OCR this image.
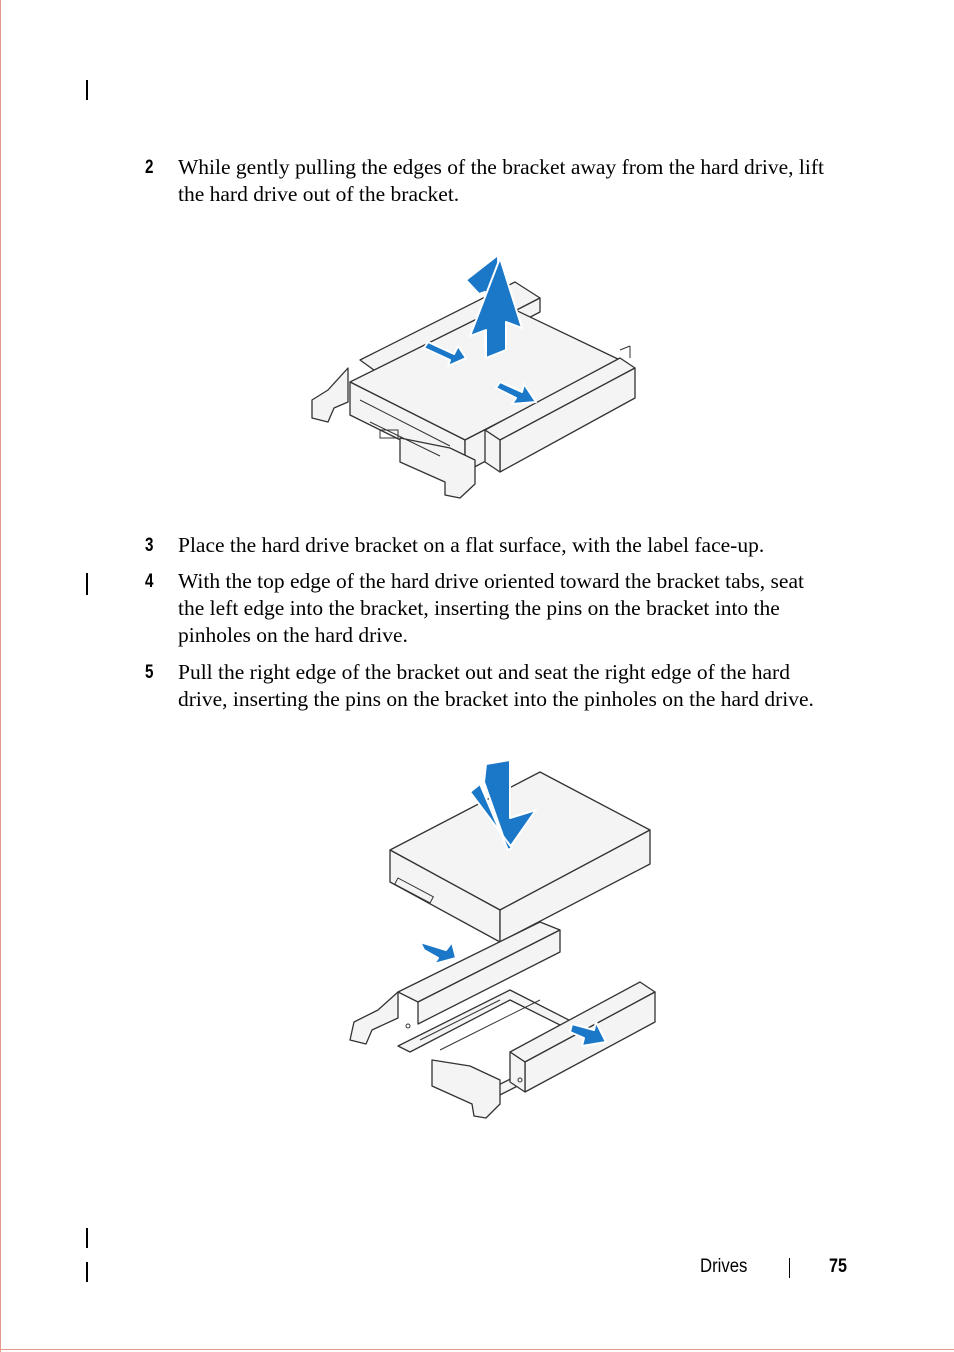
2 While gently pulling the edges of the bracket away from the hard drive, lift
the hard drive out of the bracket.
3 Place the hard drive bracket on a flat surface, with the label face-up.
4 With the top edge of the hard drive oriented toward the bracket tabs, seat
the left edge into the bracket, inserting the pins on the bracket into the
pinholes on the hard drive.
5 Pull the right edge of the bracket out and seat the right edge of the hard
drive, inserting the pins on the bracket into the pinholes on the hard drive.
Drives	75
